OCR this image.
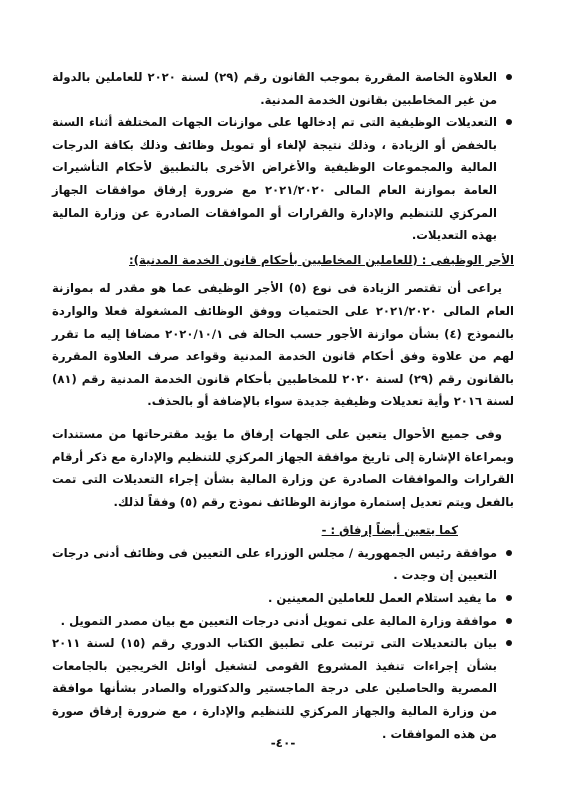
العلاوة الخاصة المقررة بموجب القانون رقم (٢٩) لسنة ٢٠٢٠ للعاملين بالدولة من غير المخاطبين بقانون الخدمة المدنية.
التعديلات الوظيفية التى تم إدخالها على موازنات الجهات المختلفة أثناء السنة بالخفض أو الزيادة ، وذلك نتيجة لإلغاء أو تمويل وظائف وذلك بكافة الدرجات المالية والمجموعات الوظيفية والأغراض الأخرى بالتطبيق لأحكام التأشيرات العامة بموازنة العام المالى ٢٠٢١/٢٠٢٠ مع ضرورة إرفاق موافقات الجهاز المركزي للتنظيم والإدارة والقرارات أو الموافقات الصادرة عن وزارة المالية بهذه التعديلات.

الأجر الوظيفى : (للعاملين المخاطبين بأحكام قانون الخدمة المدنية):

يراعى أن تقتصر الزيادة فى نوع (٥) الأجر الوظيفى عما هو مقدر له بموازنة العام المالى ٢٠٢١/٢٠٢٠ على الحتميات ووفق الوظائف المشغولة فعلا والواردة بالنموذج (٤) بشأن موازنة الأجور حسب الحالة فى ٢٠٢٠/١٠/١ مضافا إليه ما تقرر لهم من علاوة وفق أحكام قانون الخدمة المدنية وقواعد صرف العلاوة المقررة بالقانون رقم (٢٩) لسنة ٢٠٢٠ للمخاطبين بأحكام قانون الخدمة المدنية رقم (٨١) لسنة ٢٠١٦ وأية تعديلات وظيفية جديدة سواء بالإضافة أو بالحذف.

وفى جميع الأحوال يتعين على الجهات إرفاق ما يؤيد مقترحاتها من مستندات وبمراعاة الإشارة إلى تاريخ موافقة الجهاز المركزي للتنظيم والإدارة مع ذكر أرقام القرارات والموافقات الصادرة عن وزارة المالية بشأن إجراء التعديلات التى تمت بالفعل ويتم تعديل إستمارة موازنة الوظائف نموذج رقم (٥) وفقاً لذلك.

كما يتعين أيضاً إرفاق : -

موافقة رئيس الجمهورية / مجلس الوزراء على التعيين فى وظائف أدنى درجات التعيين إن وجدت .
ما يفيد استلام العمل للعاملين المعينين .
موافقة وزارة المالية على تمويل أدنى درجات التعيين مع بيان مصدر التمويل .
بيان بالتعديلات التى ترتبت على تطبيق الكتاب الدوري رقم (١٥) لسنة ٢٠١١ بشأن إجراءات تنفيذ المشروع القومى لتشغيل أوائل الخريجين بالجامعات المصرية والحاصلين على درجة الماجستير والدكتوراه والصادر بشأنها موافقة من وزارة المالية والجهاز المركزي للتنظيم والإدارة ، مع ضرورة إرفاق صورة من هذه الموافقات .
-٤٠-
